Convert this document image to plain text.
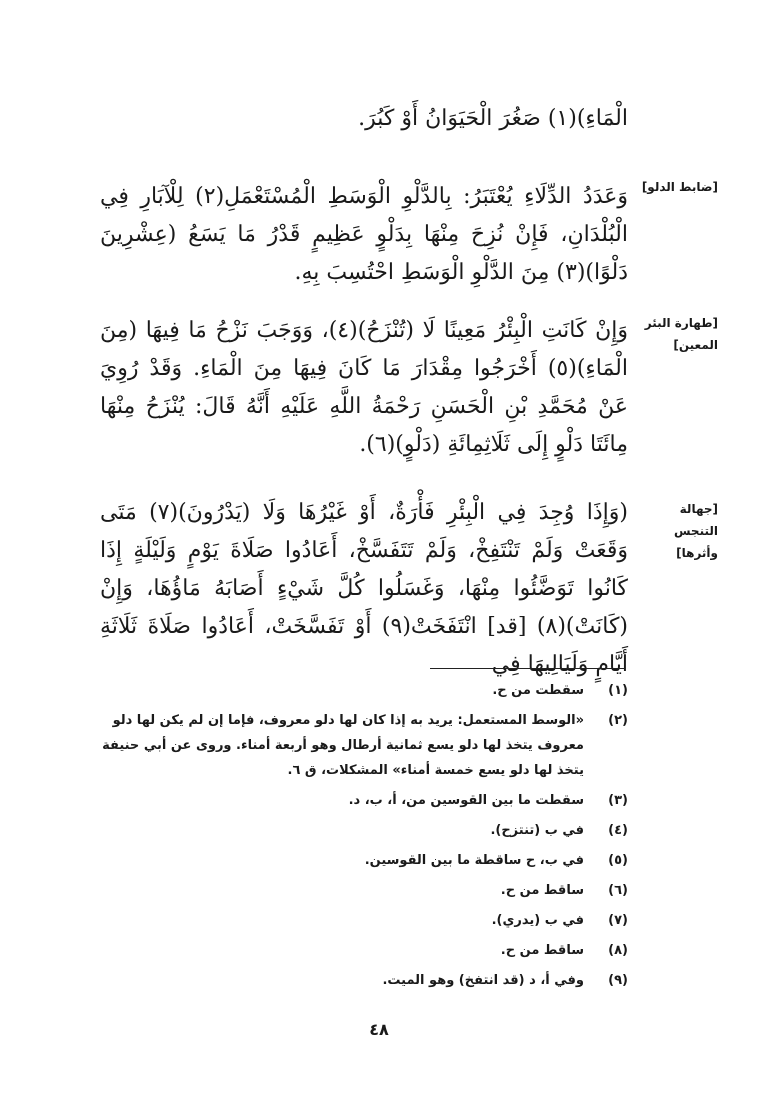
[ضابط الدلو]
[طهارة البئر المعين]
[جهالة التنجس وأثرها]
الْمَاءِ)(١) صَغُرَ الْحَيَوَانُ أَوْ كَبُرَ.
وَعَدَدُ الدِّلَاءِ يُعْتَبَرُ: بِالدَّلْوِ الْوَسَطِ الْمُسْتَعْمَلِ(٢) لِلْآبَارِ فِي الْبُلْدَانِ، فَإِنْ نُزِحَ مِنْهَا بِدَلْوٍ عَظِيمٍ قَدْرُ مَا يَسَعُ (عِشْرِينَ دَلْوًا)(٣) مِنَ الدَّلْوِ الْوَسَطِ احْتُسِبَ بِهِ.
وَإِنْ كَانَتِ الْبِئْرُ مَعِينًا لَا (تُنْزَحُ)(٤)، وَوَجَبَ نَزْحُ مَا فِيهَا (مِنَ الْمَاءِ)(٥) أَخْرَجُوا مِقْدَارَ مَا كَانَ فِيهَا مِنَ الْمَاءِ. وَقَدْ رُوِيَ عَنْ مُحَمَّدِ بْنِ الْحَسَنِ رَحْمَةُ اللَّهِ عَلَيْهِ أَنَّهُ قَالَ: يُنْزَحُ مِنْهَا مِائَتَا دَلْوٍ إِلَى ثَلَاثِمِائَةِ (دَلْوٍ)(٦).
(وَإِذَا وُجِدَ فِي الْبِئْرِ فَأْرَةٌ، أَوْ غَيْرُهَا وَلَا (يَدْرُونَ)(٧) مَتَى وَقَعَتْ وَلَمْ تَنْتَفِخْ، وَلَمْ تَتَفَسَّخْ، أَعَادُوا صَلَاةَ يَوْمٍ وَلَيْلَةٍ إِذَا كَانُوا تَوَضَّئُوا مِنْهَا، وَغَسَلُوا كُلَّ شَيْءٍ أَصَابَهُ مَاؤُهَا، وَإِنْ (كَانَتْ)(٨) [قد] انْتَفَخَتْ(٩) أَوْ تَفَسَّخَتْ، أَعَادُوا صَلَاةَ ثَلَاثَةِ أَيَّامٍ وَلَيَالِيهَا فِي
(١)
سقطت من ح.
(٢)
«الوسط المستعمل: يريد به إذا كان لها دلو معروف، فإما إن لم يكن لها دلو معروف يتخذ لها دلو يسع ثمانية أرطال وهو أربعة أمناء. وروى عن أبي حنيفة يتخذ لها دلو يسع خمسة أمناء» المشكلات، ق ٦.
(٣)
سقطت ما بين القوسين من، أ، ب، د.
(٤)
في ب (تنتزح).
(٥)
في ب، ح ساقطة ما بين القوسين.
(٦)
ساقط من ح.
(٧)
في ب (يدري).
(٨)
ساقط من ح.
(٩)
وفي أ، د (قد انتفخ) وهو الميت.
٤٨
